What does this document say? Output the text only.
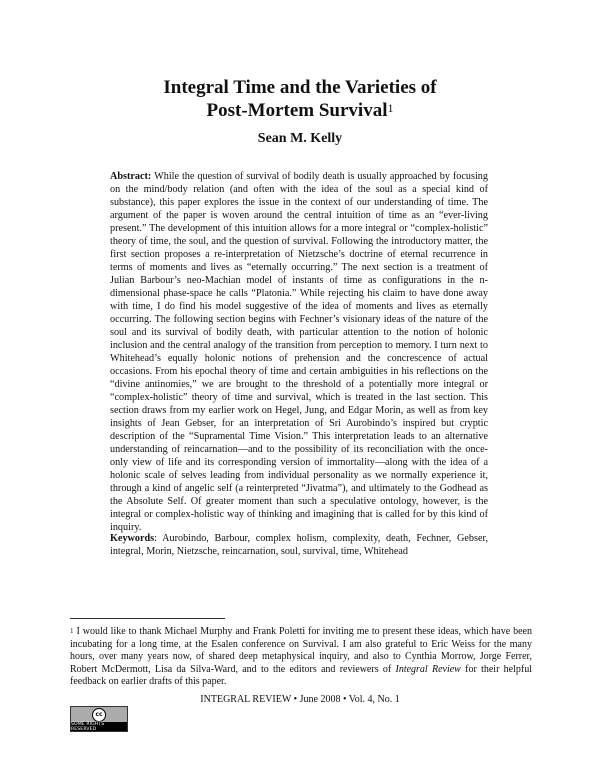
Integral Time and the Varieties of
Post-Mortem Survival$^1$
Sean M. Kelly
Abstract: While the question of survival of bodily death is usually approached by focusing on the mind/body relation (and often with the idea of the soul as a special kind of substance), this paper explores the issue in the context of our understanding of time. The argument of the paper is woven around the central intuition of time as an “ever-living present.” The development of this intuition allows for a more integral or “complex-holistic” theory of time, the soul, and the question of survival. Following the introductory matter, the first section proposes a re-interpretation of Nietzsche’s doctrine of eternal recurrence in terms of moments and lives as “eternally occurring.” The next section is a treatment of Julian Barbour’s neo-Machian model of instants of time as configurations in the n-dimensional phase-space he calls “Platonia.” While rejecting his claim to have done away with time, I do find his model suggestive of the idea of moments and lives as eternally occurring. The following section begins with Fechner’s visionary ideas of the nature of the soul and its survival of bodily death, with particular attention to the notion of holonic inclusion and the central analogy of the transition from perception to memory. I turn next to Whitehead’s equally holonic notions of prehension and the concrescence of actual occasions. From his epochal theory of time and certain ambiguities in his reflections on the “divine antinomies,” we are brought to the threshold of a potentially more integral or “complex-holistic” theory of time and survival, which is treated in the last section. This section draws from my earlier work on Hegel, Jung, and Edgar Morin, as well as from key insights of Jean Gebser, for an interpretation of Sri Aurobindo’s inspired but cryptic description of the “Supramental Time Vision.” This interpretation leads to an alternative understanding of reincarnation—and to the possibility of its reconciliation with the once-only view of life and its corresponding version of immortality—along with the idea of a holonic scale of selves leading from individual personality as we normally experience it, through a kind of angelic self (a reinterpreted “Jivatma”), and ultimately to the Godhead as the Absolute Self. Of greater moment than such a speculative ontology, however, is the integral or complex-holistic way of thinking and imagining that is called for by this kind of inquiry.
Keywords: Aurobindo, Barbour, complex holism, complexity, death, Fechner, Gebser, integral, Morin, Nietzsche, reincarnation, soul, survival, time, Whitehead
$^1$ I would like to thank Michael Murphy and Frank Poletti for inviting me to present these ideas, which have been incubating for a long time, at the Esalen conference on Survival. I am also grateful to Eric Weiss for the many hours, over many years now, of shared deep metaphysical inquiry, and also to Cynthia Morrow, Jorge Ferrer, Robert McDermott, Lisa da Silva-Ward, and to the editors and reviewers of Integral Review for their helpful feedback on earlier drafts of this paper.
INTEGRAL REVIEW • June 2008 • Vol. 4, No. 1
cc
SOME RIGHTS RESERVED
